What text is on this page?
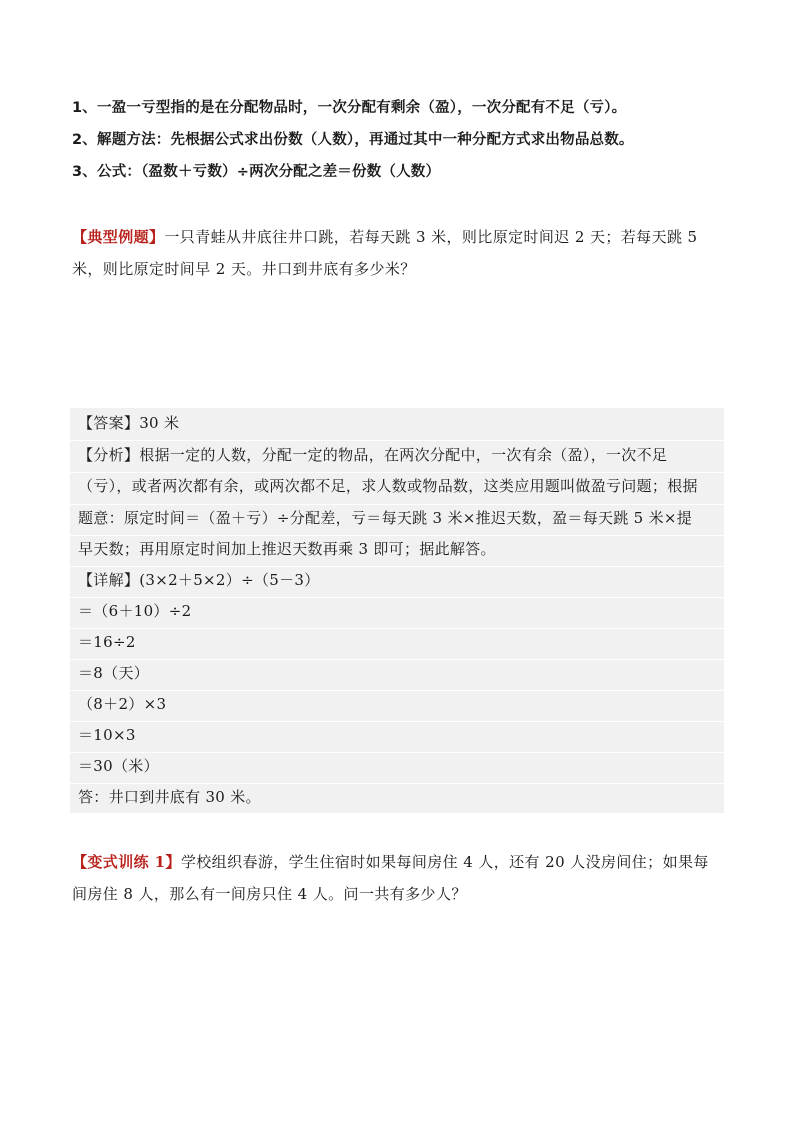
1、一盈一亏型指的是在分配物品时，一次分配有剩余（盈），一次分配有不足（亏）。
2、解题方法：先根据公式求出份数（人数），再通过其中一种分配方式求出物品总数。
3、公式：（盈数＋亏数）÷两次分配之差＝份数（人数）
【典型例题】一只青蛙从井底往井口跳，若每天跳 3 米，则比原定时间迟 2 天；若每天跳 5
米，则比原定时间早 2 天。井口到井底有多少米？
【答案】30 米
【分析】根据一定的人数，分配一定的物品，在两次分配中，一次有余（盈），一次不足
（亏），或者两次都有余，或两次都不足，求人数或物品数，这类应用题叫做盈亏问题；根据
题意：原定时间＝（盈＋亏）÷分配差，亏＝每天跳 3 米×推迟天数，盈＝每天跳 5 米×提
早天数；再用原定时间加上推迟天数再乘 3 即可；据此解答。
【详解】(3×2＋5×2）÷（5－3）
＝（6＋10）÷2
＝16÷2
＝8（天）
（8＋2）×3
＝10×3
＝30（米）
答：井口到井底有 30 米。
【变式训练 1】学校组织春游，学生住宿时如果每间房住 4 人，还有 20 人没房间住；如果每
间房住 8 人，那么有一间房只住 4 人。问一共有多少人？
